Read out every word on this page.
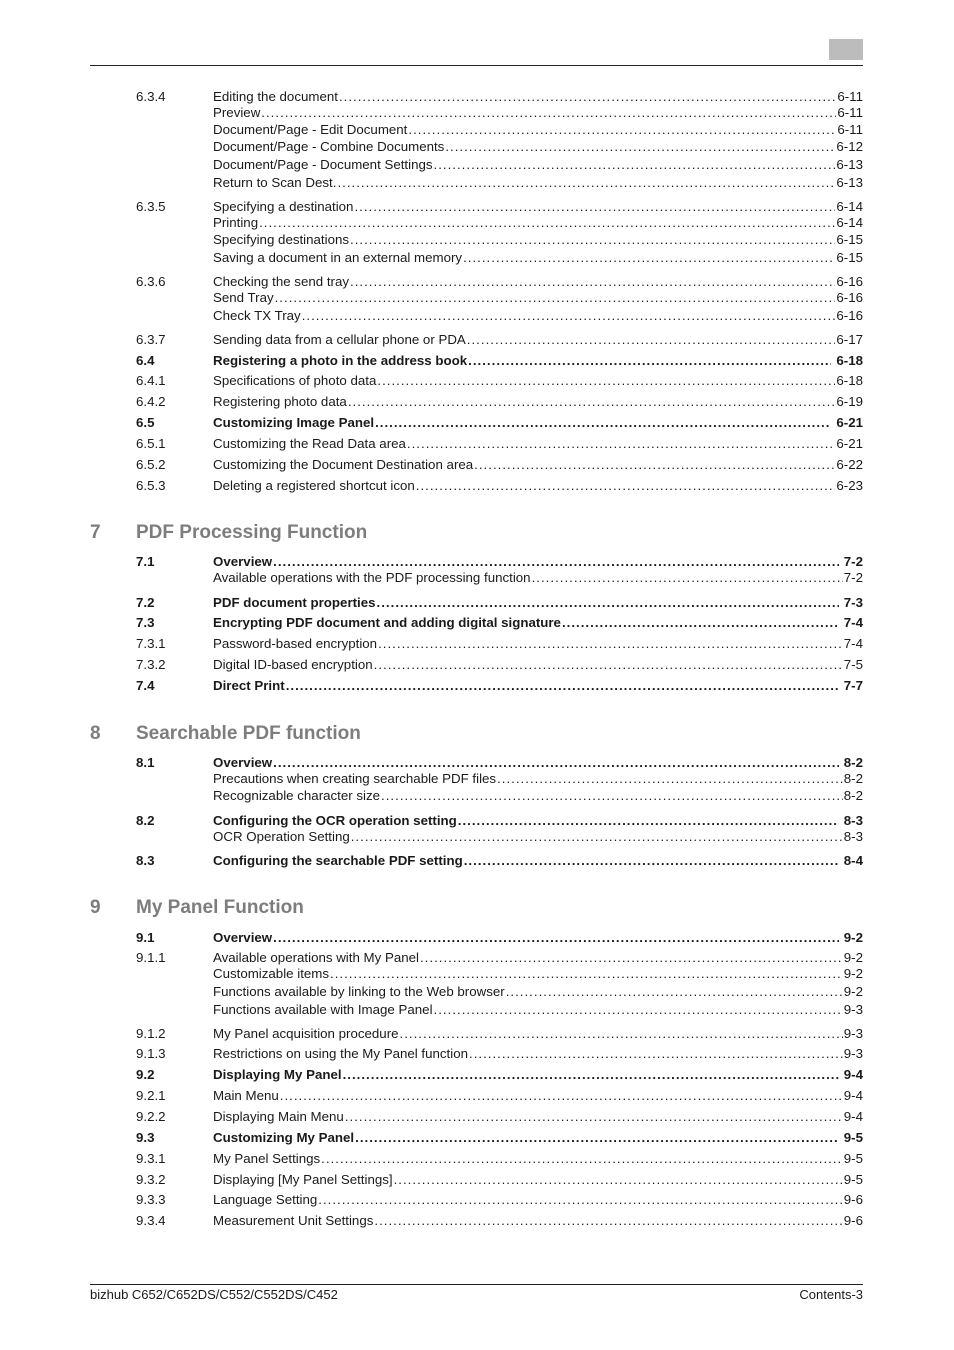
6.3.4	Editing the document .....	6-11
Preview .....	6-11
Document/Page - Edit Document .....	6-11
Document/Page - Combine Documents .....	6-12
Document/Page - Document Settings .....	6-13
Return to Scan Dest. .....	6-13
6.3.5	Specifying a destination .....	6-14
Printing .....	6-14
Specifying destinations .....	6-15
Saving a document in an external memory .....	6-15
6.3.6	Checking the send tray .....	6-16
Send Tray .....	6-16
Check TX Tray .....	6-16
6.3.7	Sending data from a cellular phone or PDA .....	6-17
6.4	Registering a photo in the address book .....	6-18
6.4.1	Specifications of photo data .....	6-18
6.4.2	Registering photo data .....	6-19
6.5	Customizing Image Panel .....	6-21
6.5.1	Customizing the Read Data area .....	6-21
6.5.2	Customizing the Document Destination area .....	6-22
6.5.3	Deleting a registered shortcut icon .....	6-23
7 PDF Processing Function
7.1	Overview .....	7-2
Available operations with the PDF processing function .....	7-2
7.2	PDF document properties .....	7-3
7.3	Encrypting PDF document and adding digital signature .....	7-4
7.3.1	Password-based encryption .....	7-4
7.3.2	Digital ID-based encryption .....	7-5
7.4	Direct Print .....	7-7
8 Searchable PDF function
8.1	Overview .....	8-2
Precautions when creating searchable PDF files .....	8-2
Recognizable character size .....	8-2
8.2	Configuring the OCR operation setting .....	8-3
OCR Operation Setting .....	8-3
8.3	Configuring the searchable PDF setting .....	8-4
9 My Panel Function
9.1	Overview .....	9-2
9.1.1	Available operations with My Panel .....	9-2
Customizable items .....	9-2
Functions available by linking to the Web browser .....	9-2
Functions available with Image Panel .....	9-3
9.1.2	My Panel acquisition procedure .....	9-3
9.1.3	Restrictions on using the My Panel function .....	9-3
9.2	Displaying My Panel .....	9-4
9.2.1	Main Menu .....	9-4
9.2.2	Displaying Main Menu .....	9-4
9.3	Customizing My Panel .....	9-5
9.3.1	My Panel Settings .....	9-5
9.3.2	Displaying [My Panel Settings] .....	9-5
9.3.3	Language Setting .....	9-6
9.3.4	Measurement Unit Settings .....	9-6
bizhub C652/C652DS/C552/C552DS/C452	Contents-3
